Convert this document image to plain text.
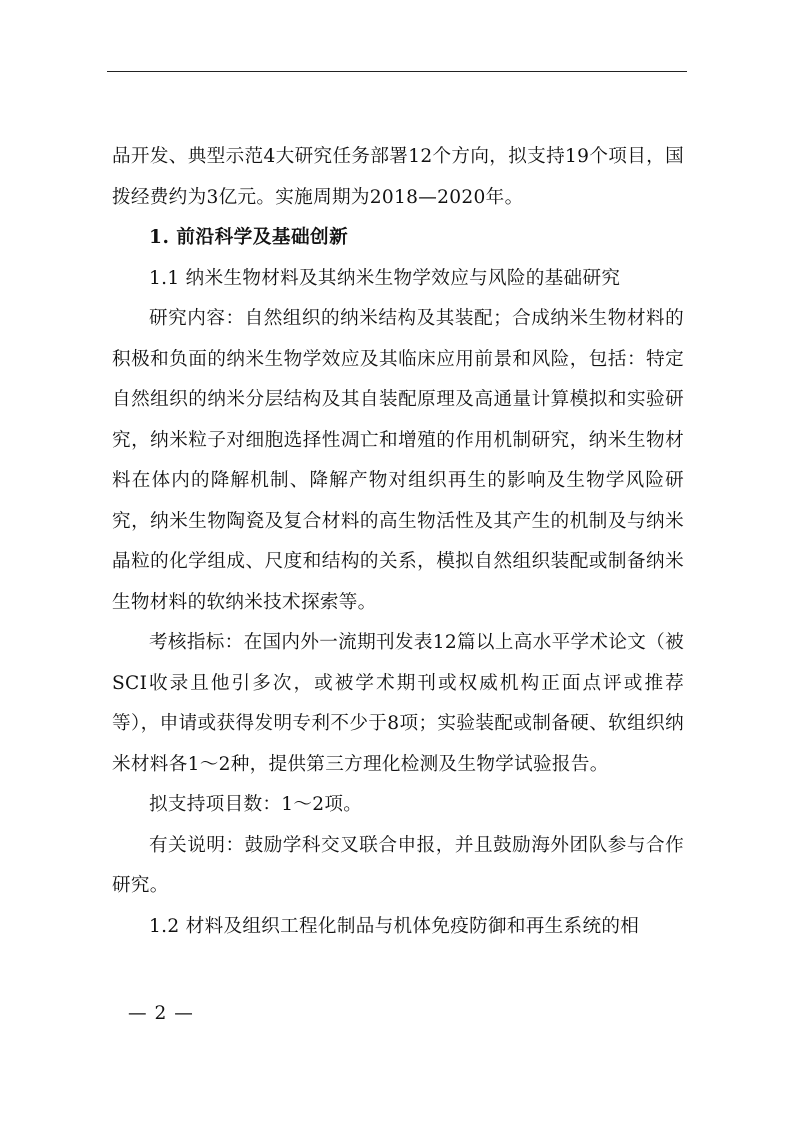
品开发、典型示范4大研究任务部署12个方向，拟支持19个项目，国拨经费约为3亿元。实施周期为2018—2020年。

1. 前沿科学及基础创新

1.1 纳米生物材料及其纳米生物学效应与风险的基础研究

研究内容：自然组织的纳米结构及其装配；合成纳米生物材料的积极和负面的纳米生物学效应及其临床应用前景和风险，包括：特定自然组织的纳米分层结构及其自装配原理及高通量计算模拟和实验研究，纳米粒子对细胞选择性凋亡和增殖的作用机制研究，纳米生物材料在体内的降解机制、降解产物对组织再生的影响及生物学风险研究，纳米生物陶瓷及复合材料的高生物活性及其产生的机制及与纳米晶粒的化学组成、尺度和结构的关系，模拟自然组织装配或制备纳米生物材料的软纳米技术探索等。

考核指标：在国内外一流期刊发表12篇以上高水平学术论文（被SCI收录且他引多次，或被学术期刊或权威机构正面点评或推荐等），申请或获得发明专利不少于8项；实验装配或制备硬、软组织纳米材料各1～2种，提供第三方理化检测及生物学试验报告。

拟支持项目数：1～2项。

有关说明：鼓励学科交叉联合申报，并且鼓励海外团队参与合作研究。

1.2 材料及组织工程化制品与机体免疫防御和再生系统的相

— 2 —
